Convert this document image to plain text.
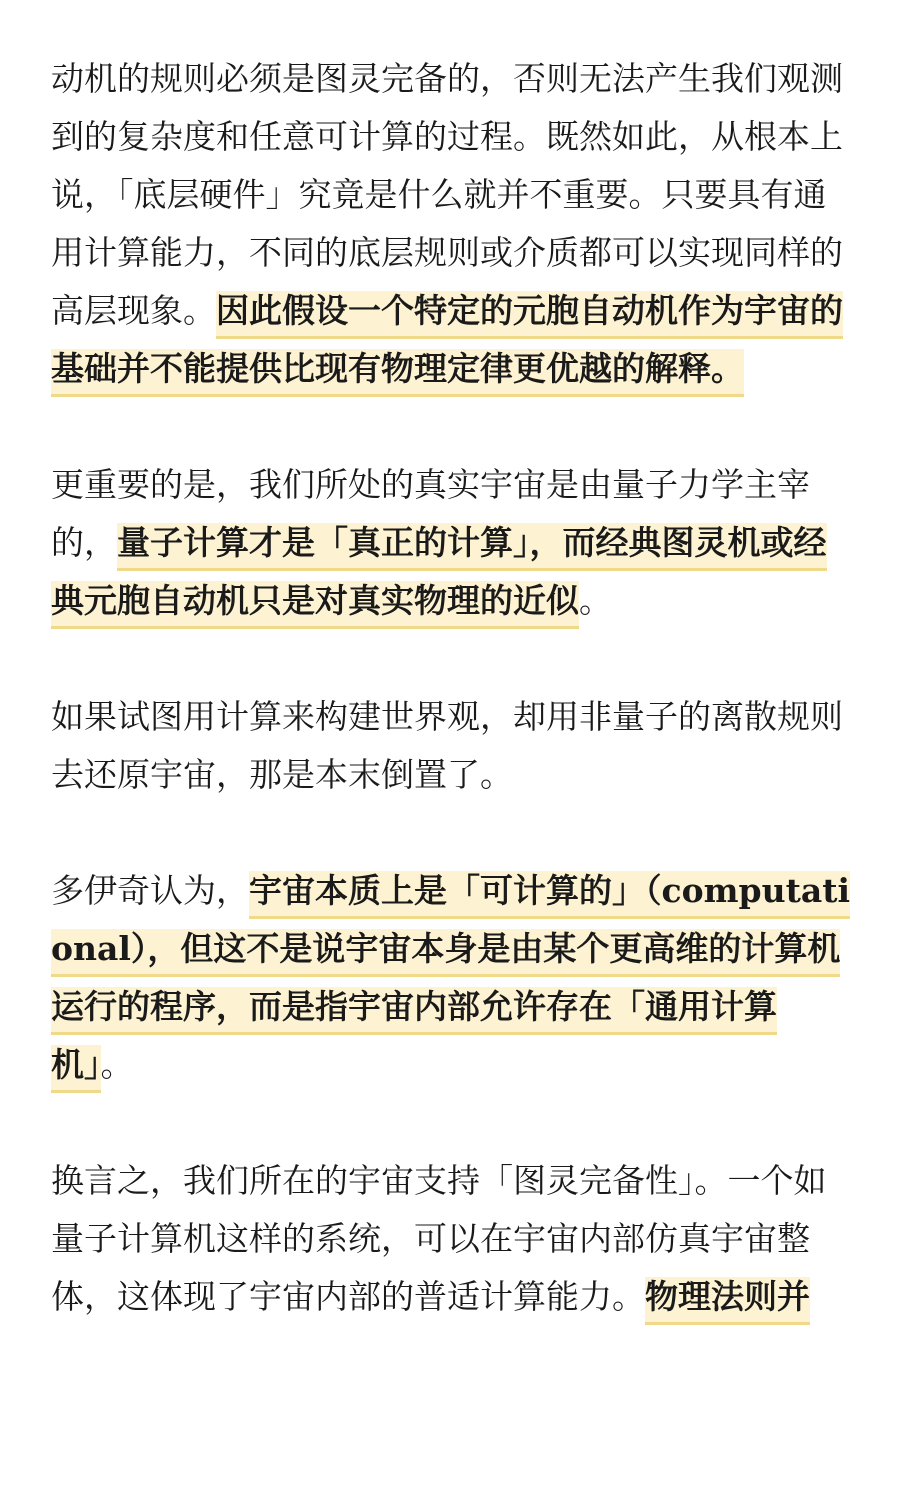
动机的规则必须是图灵完备的，否则无法产生我们观测到的复杂度和任意可计算的过程。既然如此，从根本上说，「底层硬件」究竟是什么就并不重要。只要具有通用计算能力，不同的底层规则或介质都可以实现同样的高层现象。因此假设一个特定的元胞自动机作为宇宙的基础并不能提供比现有物理定律更优越的解释。

更重要的是，我们所处的真实宇宙是由量子力学主宰的，量子计算才是「真正的计算」，而经典图灵机或经典元胞自动机只是对真实物理的近似。

如果试图用计算来构建世界观，却用非量子的离散规则去还原宇宙，那是本末倒置了。

多伊奇认为，宇宙本质上是「可计算的」（computational），但这不是说宇宙本身是由某个更高维的计算机运行的程序，而是指宇宙内部允许存在「通用计算机」。

换言之，我们所在的宇宙支持「图灵完备性」。一个如量子计算机这样的系统，可以在宇宙内部仿真宇宙整体，这体现了宇宙内部的普适计算能力。物理法则并
